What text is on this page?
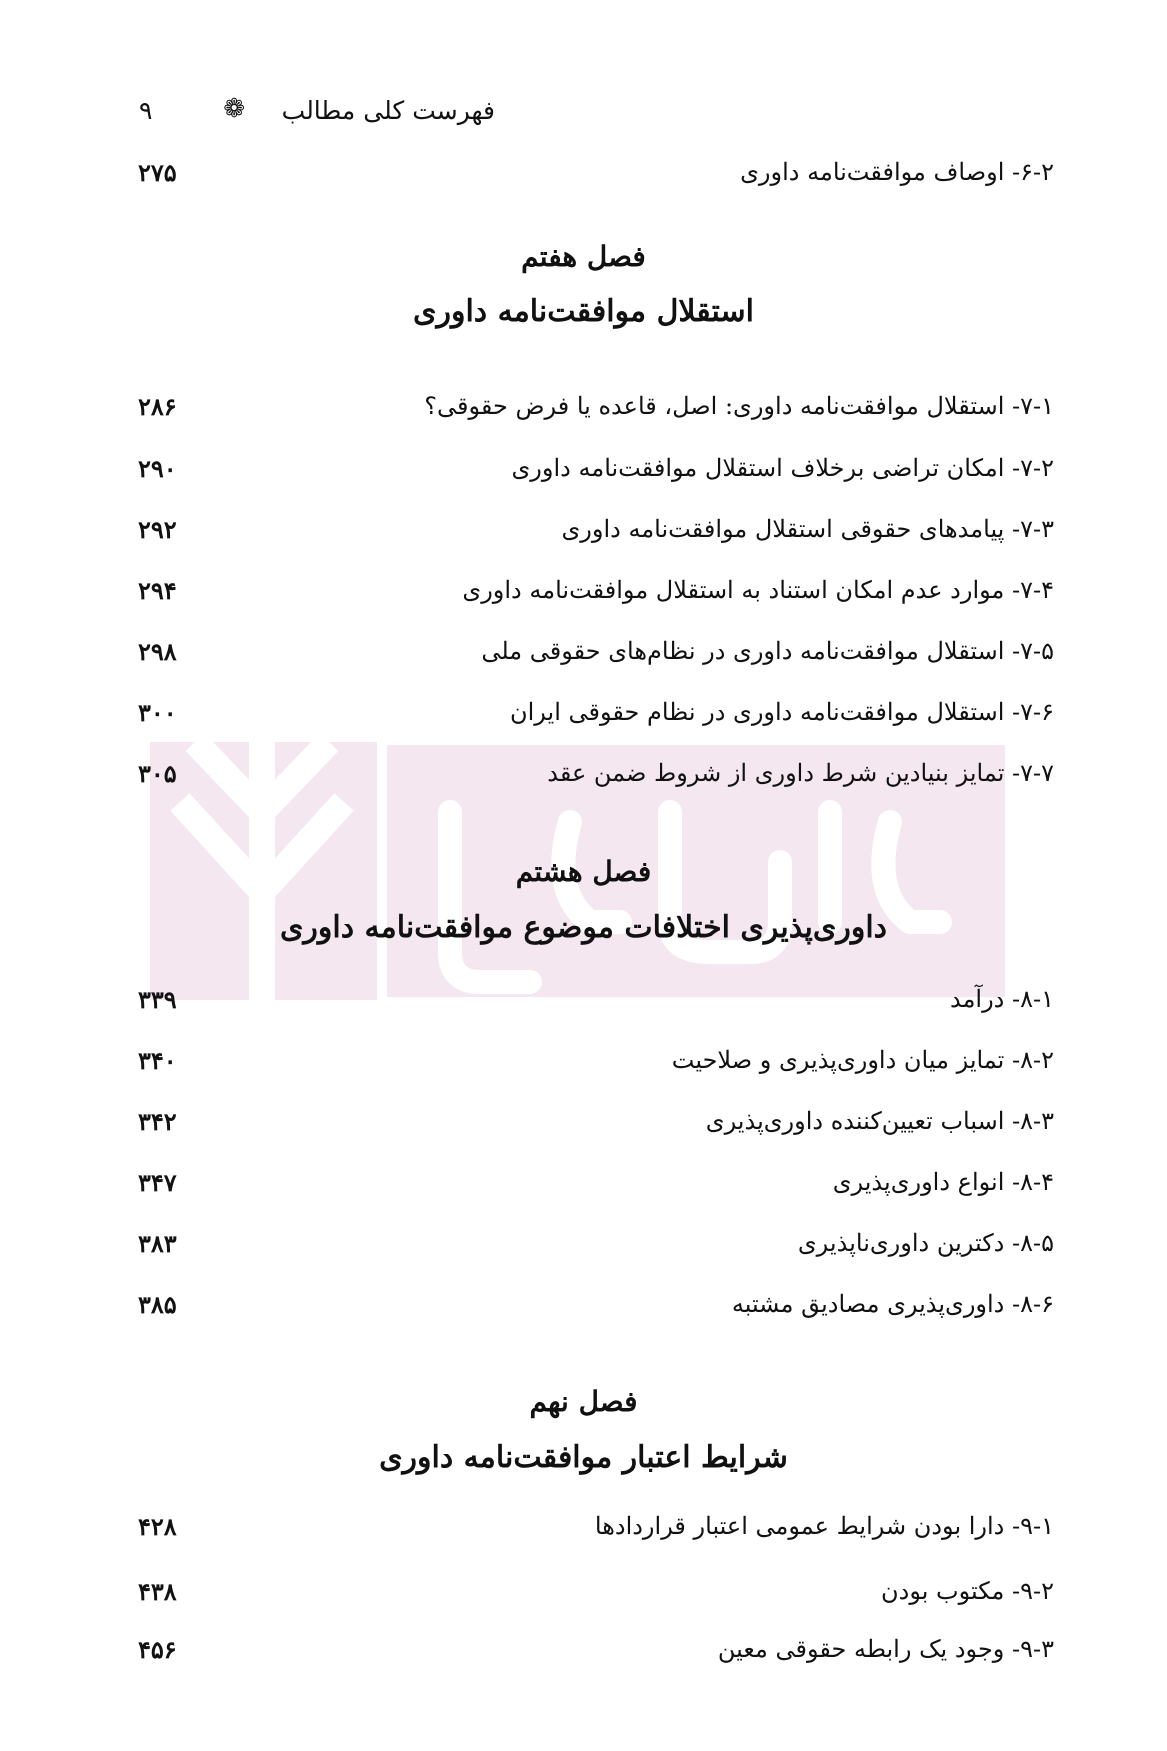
فهرست کلی مطالب
❁
۹
۶-۲- اوصاف موافقت‌نامه داوری
۲۷۵
فصل هفتم
استقلال موافقت‌نامه داوری
۷-۱- استقلال موافقت‌نامه داوری: اصل، قاعده یا فرض حقوقی؟
۲۸۶
۷-۲- امکان تراضی برخلاف استقلال موافقت‌نامه داوری
۲۹۰
۷-۳- پیامدهای حقوقی استقلال موافقت‌نامه داوری
۲۹۲
۷-۴- موارد عدم امکان استناد به استقلال موافقت‌نامه داوری
۲۹۴
۷-۵- استقلال موافقت‌نامه داوری در نظام‌های حقوقی ملی
۲۹۸
۷-۶- استقلال موافقت‌نامه داوری در نظام حقوقی ایران
۳۰۰
۷-۷- تمایز بنیادین شرط داوری از شروط ضمن عقد
۳۰۵
فصل هشتم
داوری‌پذیری اختلافات موضوع موافقت‌نامه داوری
۸-۱- درآمد
۳۳۹
۸-۲- تمایز میان داوری‌پذیری و صلاحیت
۳۴۰
۸-۳- اسباب تعیین‌کننده داوری‌پذیری
۳۴۲
۸-۴- انواع داوری‌پذیری
۳۴۷
۸-۵- دکترین داوری‌ناپذیری
۳۸۳
۸-۶- داوری‌پذیری مصادیق مشتبه
۳۸۵
فصل نهم
شرایط اعتبار موافقت‌نامه داوری
۹-۱- دارا بودن شرایط عمومی اعتبار قراردادها
۴۲۸
۹-۲- مکتوب بودن
۴۳۸
۹-۳- وجود یک رابطه حقوقی معین
۴۵۶
